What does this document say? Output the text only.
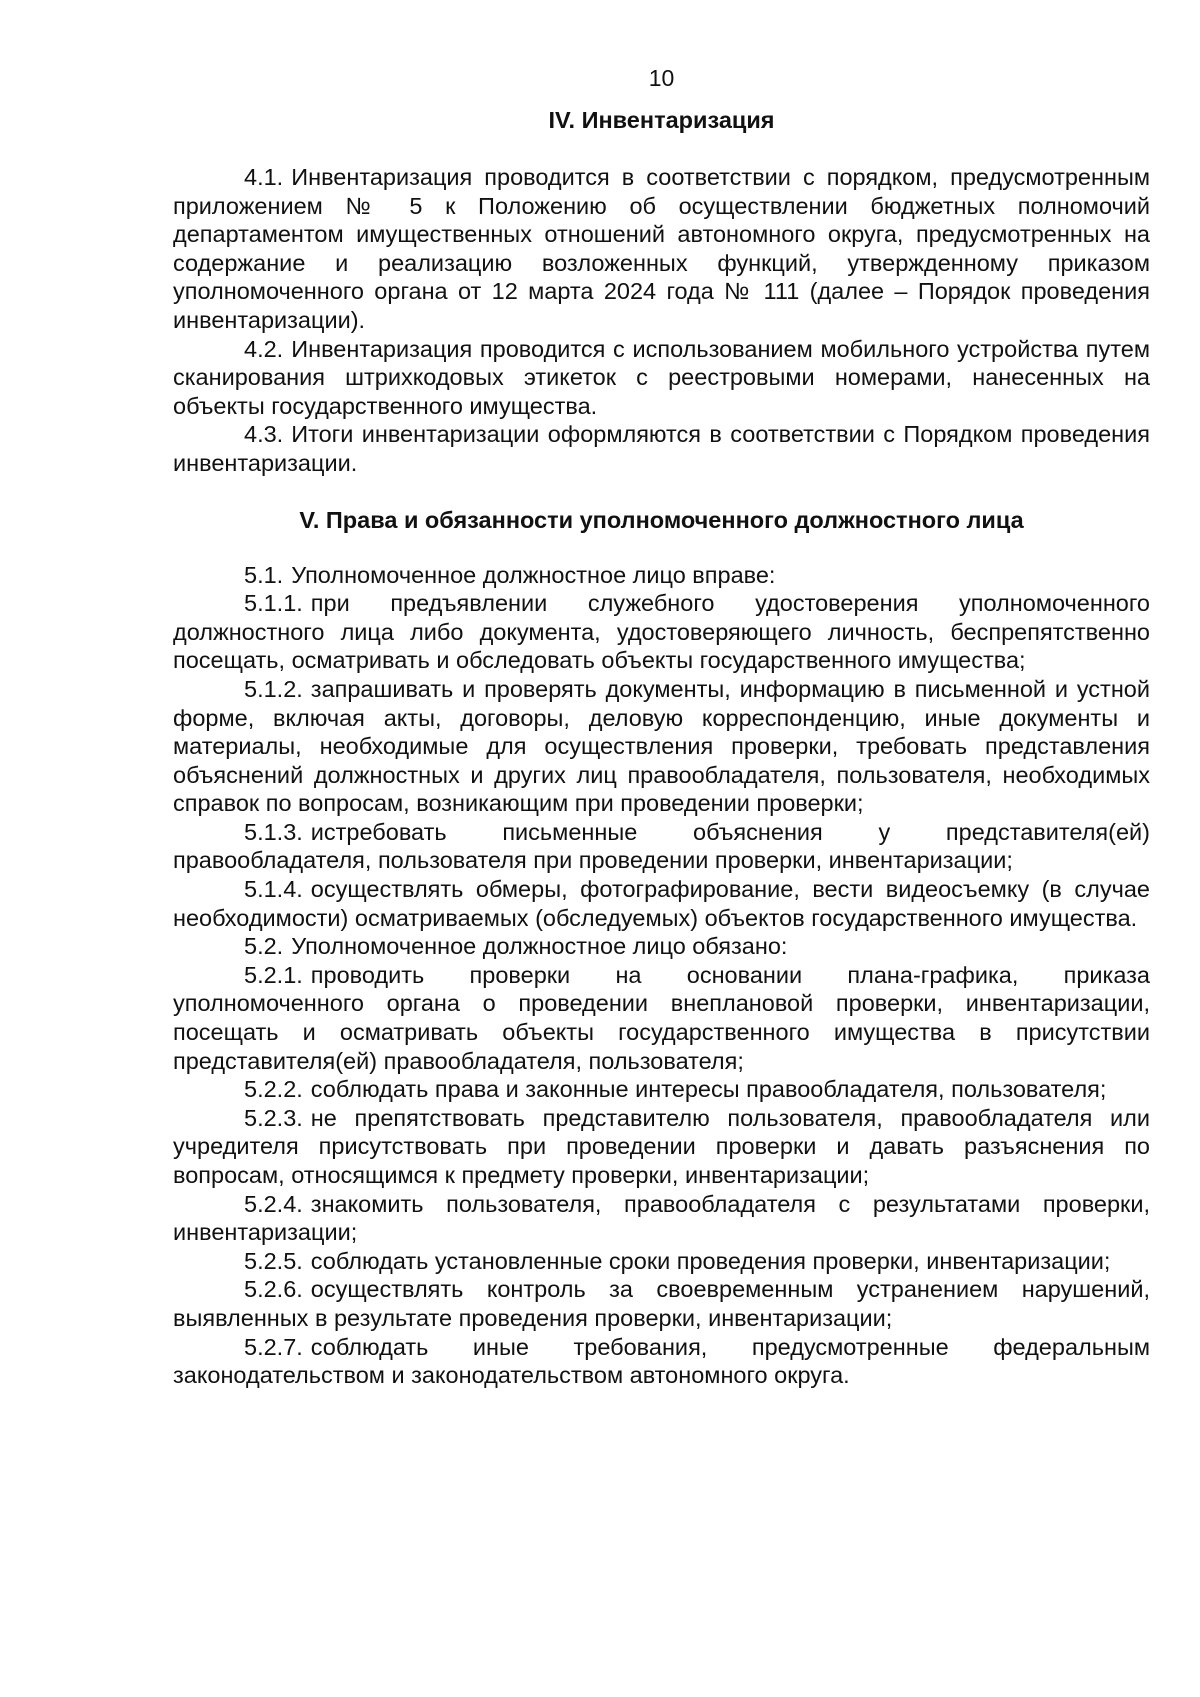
10
IV. Инвентаризация

4.1. Инвентаризация проводится в соответствии с порядком, предусмотренным приложением № 5 к Положению об осуществлении бюджетных полномочий департаментом имущественных отношений автономного округа, предусмотренных на содержание и реализацию возложенных функций, утвержденному приказом уполномоченного органа от 12 марта 2024 года № 111 (далее – Порядок проведения инвентаризации).

4.2. Инвентаризация проводится с использованием мобильного устройства путем сканирования штрихкодовых этикеток с реестровыми номерами, нанесенных на объекты государственного имущества.

4.3. Итоги инвентаризации оформляются в соответствии с Порядком проведения инвентаризации.

V. Права и обязанности уполномоченного должностного лица

5.1. Уполномоченное должностное лицо вправе:

5.1.1. при предъявлении служебного удостоверения уполномоченного должностного лица либо документа, удостоверяющего личность, беспрепятственно посещать, осматривать и обследовать объекты государственного имущества;

5.1.2. запрашивать и проверять документы, информацию в письменной и устной форме, включая акты, договоры, деловую корреспонденцию, иные документы и материалы, необходимые для осуществления проверки, требовать представления объяснений должностных и других лиц правообладателя, пользователя, необходимых справок по вопросам, возникающим при проведении проверки;

5.1.3. истребовать письменные объяснения у представителя(ей) правообладателя, пользователя при проведении проверки, инвентаризации;

5.1.4. осуществлять обмеры, фотографирование, вести видеосъемку (в случае необходимости) осматриваемых (обследуемых) объектов государственного имущества.

5.2. Уполномоченное должностное лицо обязано:

5.2.1. проводить проверки на основании плана-графика, приказа уполномоченного органа о проведении внеплановой проверки, инвентаризации, посещать и осматривать объекты государственного имущества в присутствии представителя(ей) правообладателя, пользователя;

5.2.2. соблюдать права и законные интересы правообладателя, пользователя;

5.2.3. не препятствовать представителю пользователя, правообладателя или учредителя присутствовать при проведении проверки и давать разъяснения по вопросам, относящимся к предмету проверки, инвентаризации;

5.2.4. знакомить пользователя, правообладателя с результатами проверки, инвентаризации;

5.2.5. соблюдать установленные сроки проведения проверки, инвентаризации;

5.2.6. осуществлять контроль за своевременным устранением нарушений, выявленных в результате проведения проверки, инвентаризации;

5.2.7. соблюдать иные требования, предусмотренные федеральным законодательством и законодательством автономного округа.
